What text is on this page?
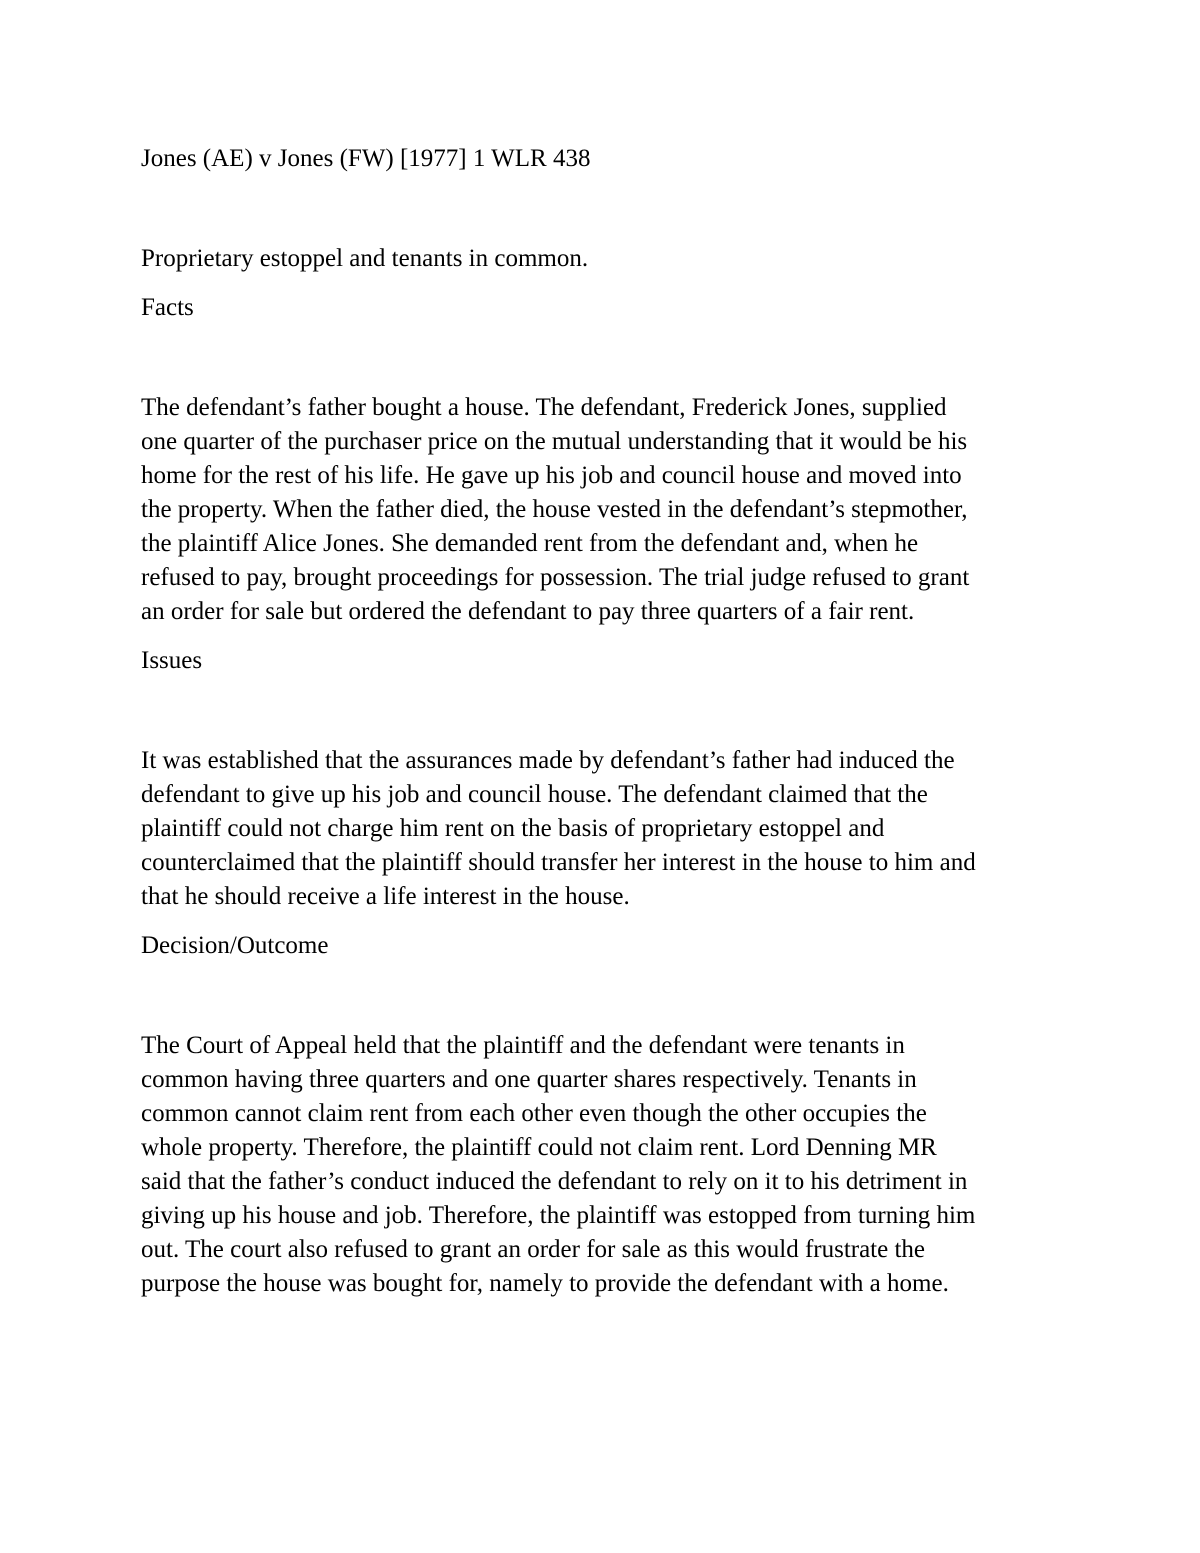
Jones (AE) v Jones (FW) [1977] 1 WLR 438

Proprietary estoppel and tenants in common.

Facts

The defendant’s father bought a house. The defendant, Frederick Jones, supplied

one quarter of the purchaser price on the mutual understanding that it would be his

home for the rest of his life. He gave up his job and council house and moved into

the property. When the father died, the house vested in the defendant’s stepmother,

the plaintiff Alice Jones. She demanded rent from the defendant and, when he

refused to pay, brought proceedings for possession. The trial judge refused to grant

an order for sale but ordered the defendant to pay three quarters of a fair rent.

Issues

It was established that the assurances made by defendant’s father had induced the

defendant to give up his job and council house. The defendant claimed that the

plaintiff could not charge him rent on the basis of proprietary estoppel and

counterclaimed that the plaintiff should transfer her interest in the house to him and

that he should receive a life interest in the house.

Decision/Outcome

The Court of Appeal held that the plaintiff and the defendant were tenants in

common having three quarters and one quarter shares respectively. Tenants in

common cannot claim rent from each other even though the other occupies the

whole property. Therefore, the plaintiff could not claim rent. Lord Denning MR

said that the father’s conduct induced the defendant to rely on it to his detriment in

giving up his house and job. Therefore, the plaintiff was estopped from turning him

out. The court also refused to grant an order for sale as this would frustrate the

purpose the house was bought for, namely to provide the defendant with a home.
